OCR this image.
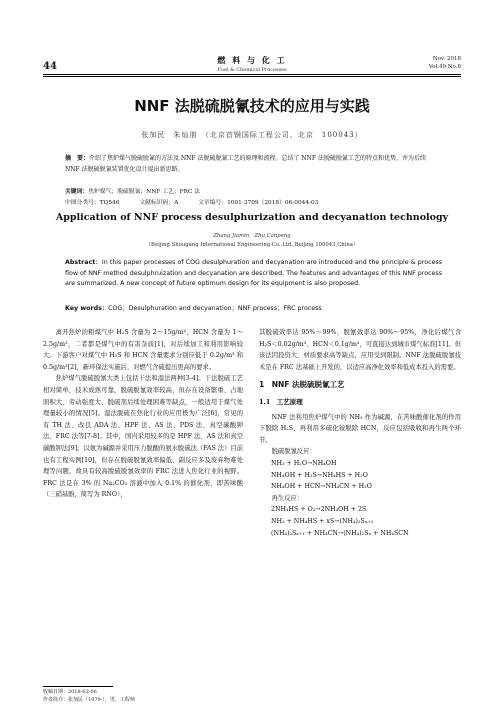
44
燃 料 与 化 工
Fuel & Chemical Processes
Nov. 2018
Vol.49 No.6
NNF 法脱硫脱氰技术的应用与实践
张加民　朱灿朋　（北京首钢国际工程公司，北京　100043）
摘　要：介绍了焦炉煤气脱硫脱氰的方法及 NNF 法脱硫脱氰工艺的原理和流程。总结了 NNF 法脱硫脱氰工艺的特点和优势，并为后续 NNF 法脱硫脱氰装置优化设计提出新思路。
关键词：焦炉煤气；脱硫脱氰；NNF 工艺；FRC 法
中图分类号：TQ546	文献标识码：A	文章编号：1001-3709（2018）06-0044-03
Application of NNF process desulphurization and decyanation technology
Zhang Jiamin　Zhu Canpeng
（Beijing Shougang International Engineering Co.,Ltd.,Beijing 100043,China）
Abstract：In this paper processes of COG desulphuration and decyanation are introduced and the principle & process flow of NNF method desulphruization and decyanation are described. The features and advantages of this NNF process are summarized. A new concept of future optimum design for its equipment is also proposed.
Key words：COG；Desulphuration and decyanation；NNF process；FRC process

离开焦炉的粗煤气中 H₂S 含量为 2～15g/m³、HCN 含量为 1～2.5g/m³，二者都是煤气中的有害杂质[1]，对后续加工和利用影响较大。下游客户对煤气中 H₂S 和 HCN 含量要求分别应低于 0.2g/m³ 和 0.5g/m³[2]，新环保法实施后，对燃气含硫提出更高的要求。

焦炉煤气脱硫脱氰大类上包括干法和湿法两种[3-4]。干法脱硫工艺相对简单，技术成熟可靠，脱硫脱氰效率较高，但存在设备繁重、占地面积大、劳动强度大、脱硫剂后续处理困难等缺点，一般适用于煤气处理量较小的情况[5]。湿法脱硫在焦化行业的应用极为广泛[6]，常见的有 TH 法、改良 ADA 法、HPF 法、AS 法、PDS 法、真空碳酸钾法、FRC 法等[7-8]。其中，国内采用较多的是 HPF 法、AS 法和真空碳酸钾法[9]。以氨为碱源并采用压力脱酸的氨水脱硫法（FAS 法）目前也有工程实例[10]，但存在脱硫脱氰效率偏低、副反应多及废弃物难处理等问题，故具有较高脱硫脱氰效率的 FRC 法进入焦化行业的视野。FRC 法是在 3% 的 Na₂CO₃ 溶液中加入 0.1% 的催化剂，即苦味酸（三硝基酚，简写为 RNO），

其脱硫效率达 95%～99%，脱氰效率达 90%～95%，净化后煤气含 H₂S＜0.02g/m³、HCN＜0.1g/m³，可直接达到城市煤气标准[11]。但该法因投资大、材质要求高等缺点，应用受到限制。NNF 法脱硫脱氰技术是在 FRC 法基础上开发的，以适应高净化效率和低成本投入的需要。

1　NNF 法脱硫脱氰工艺
1.1　工艺原理

NNF 法利用焦炉煤气中的 NH₃ 作为碱源，在苦味酸催化剂的作用下脱除 H₂S，再利用多硫化铵脱除 HCN，反应包括吸收和再生两个环节。

脱硫脱氰反应：

NH₃ + H₂O→NH₄OH
NH₄OH + H₂S→NH₄HS + H₂O
NH₄OH + HCN→NH₄CN + H₂O

再生反应：

2NH₄HS + O₂→2NH₄OH + 2S
NH₃ + NH₄HS + xS→(NH₄)₂Sₓ₊₁
(NH₄)₂Sₓ₊₁ + NH₄CN→(NH₄)₂Sₓ + NH₄SCN
收稿日期：2018-02-06
作者简介：张加民（1979-），男，工程师
